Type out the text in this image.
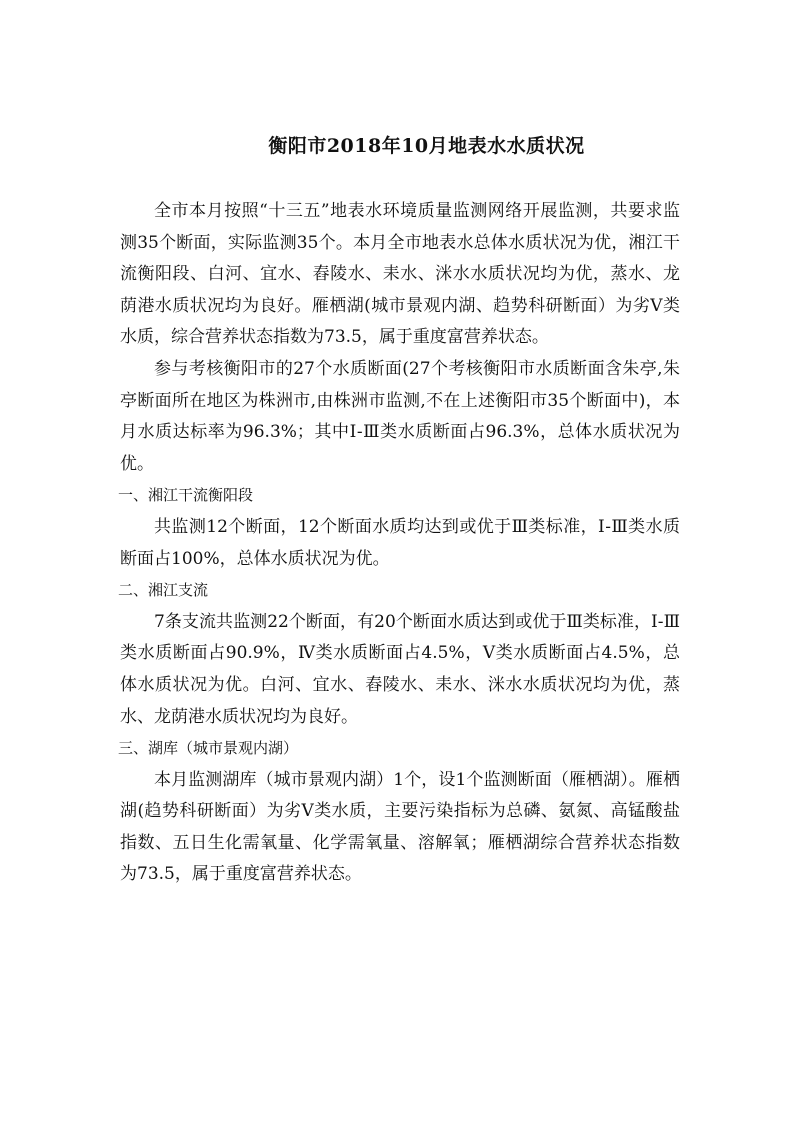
衡阳市2018年10月地表水水质状况

全市本月按照“十三五”地表水环境质量监测网络开展监测，共要求监测35个断面，实际监测35个。本月全市地表水总体水质状况为优，湘江干流衡阳段、白河、宜水、舂陵水、耒水、洣水水质状况均为优，蒸水、龙荫港水质状况均为良好。雁栖湖(城市景观内湖、趋势科研断面）为劣Ⅴ类水质，综合营养状态指数为73.5，属于重度富营养状态。

参与考核衡阳市的27个水质断面(27个考核衡阳市水质断面含朱亭,朱亭断面所在地区为株洲市,由株洲市监测,不在上述衡阳市35个断面中)，本月水质达标率为96.3%；其中Ⅰ-Ⅲ类水质断面占96.3%，总体水质状况为优。

一、湘江干流衡阳段

共监测12个断面，12个断面水质均达到或优于Ⅲ类标准，Ⅰ-Ⅲ类水质断面占100%，总体水质状况为优。

二、湘江支流

7条支流共监测22个断面，有20个断面水质达到或优于Ⅲ类标准，Ⅰ-Ⅲ类水质断面占90.9%，Ⅳ类水质断面占4.5%，Ⅴ类水质断面占4.5%，总体水质状况为优。白河、宜水、舂陵水、耒水、洣水水质状况均为优，蒸水、龙荫港水质状况均为良好。

三、湖库（城市景观内湖）

本月监测湖库（城市景观内湖）1个，设1个监测断面（雁栖湖）。雁栖湖(趋势科研断面）为劣Ⅴ类水质，主要污染指标为总磷、氨氮、高锰酸盐指数、五日生化需氧量、化学需氧量、溶解氧；雁栖湖综合营养状态指数为73.5，属于重度富营养状态。
